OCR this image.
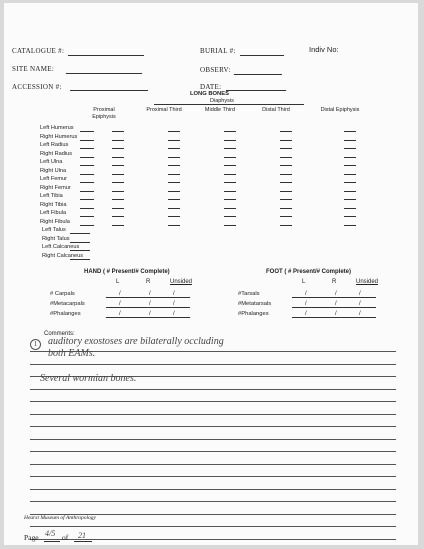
CATALOGUE #:	BURIAL #:	Indiv No:
SITE NAME:	OBSERV:
ACCESSION #:	DATE:
LONG BONES
Diaphysis
Proximal Epiphysis
Proximal Third	Middle Third	Distal Third	Distal Epiphysis
Left Humerus
Right Humerus
Left Radius
Right Radius
Left Ulna
Right Ulna
Left Femur
Right Femur
Left Tibia
Right Tibia
Left Fibula
Right Fibula
Left Talus
Right Talus
Left Calcaneus
Right Calcaneus
HAND ( # Present/# Complete)
L	R	Unsided
# Carpals	/	/	/
#Metacarpals	/	/	/
#Phalanges	/	/	/
FOOT ( # Present/# Complete)
L	R	Unsided
#Tarsals	/	/	/
#Metatarsals	/	/	/
#Phalanges	/	/	/
Comments:
1	auditory exostoses are bilaterally occluding
both EAMs.
Several wormian bones.
Hearst Museum of Anthropology
Page 4/5 of 21
